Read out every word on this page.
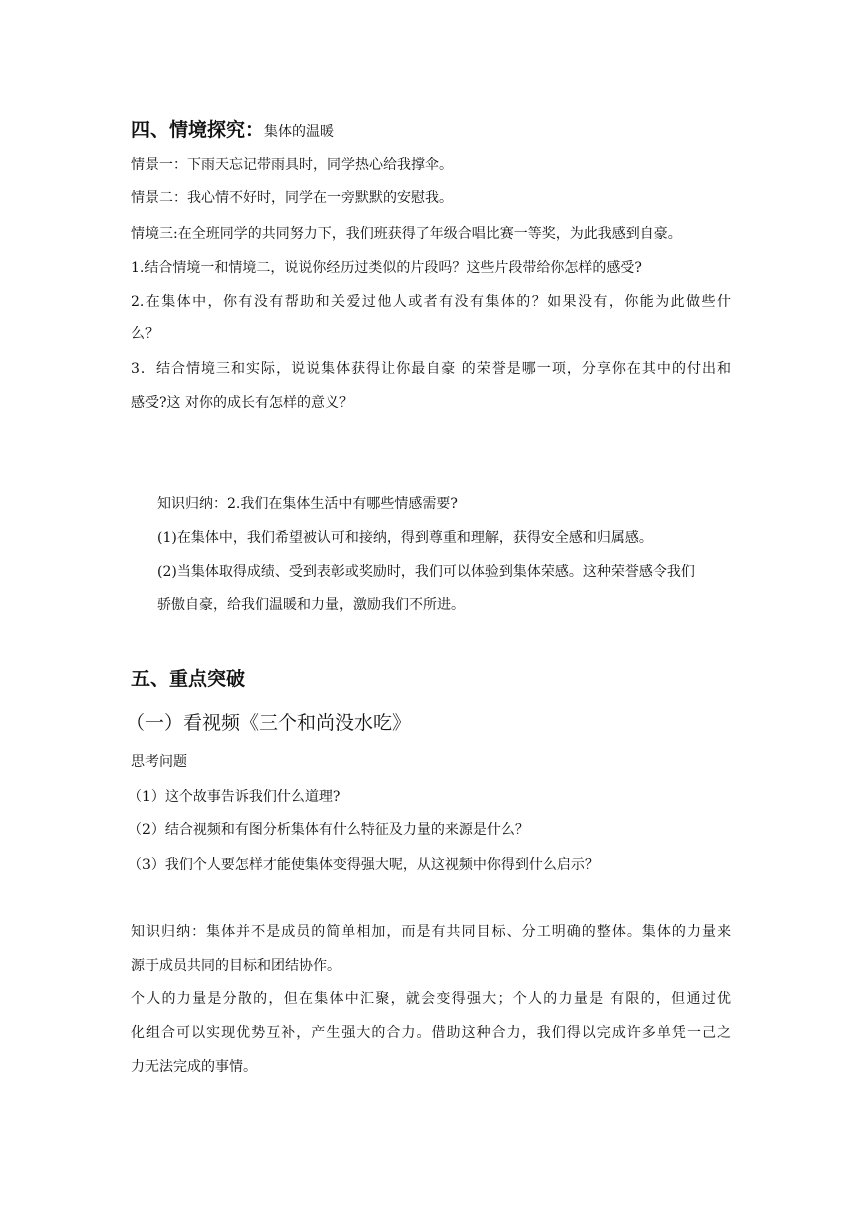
四、情境探究：集体的温暖
情景一：下雨天忘记带雨具时，同学热心给我撑伞。
情景二：我心情不好时，同学在一旁默默的安慰我。
情境三:在全班同学的共同努力下，我们班获得了年级合唱比赛一等奖，为此我感到自豪。
1.结合情境一和情境二，说说你经历过类似的片段吗？这些片段带给你怎样的感受?
2.在集体中，你有没有帮助和关爱过他人或者有没有集体的？如果没有，你能为此做些什
么？
3．结合情境三和实际，说说集体获得让你最自豪 的荣誉是哪一项，分享你在其中的付出和
感受?这 对你的成长有怎样的意义？
知识归纳：2.我们在集体生活中有哪些情感需要?
(1)在集体中，我们希望被认可和接纳，得到尊重和理解，获得安全感和归属感。
(2)当集体取得成绩、受到表彰或奖励时，我们可以体验到集体荣感。这种荣誉感令我们
骄傲自豪，给我们温暖和力量，激励我们不所进。
五、重点突破
（一）看视频《三个和尚没水吃》
思考问题
（1）这个故事告诉我们什么道理?
（2）结合视频和有图分析集体有什么特征及力量的来源是什么？
（3）我们个人要怎样才能使集体变得强大呢，从这视频中你得到什么启示？
知识归纳：集体并不是成员的简单相加，而是有共同目标、分工明确的整体。集体的力量来
源于成员共同的目标和团结协作。
个人的力量是分散的，但在集体中汇聚，就会变得强大；个人的力量是 有限的，但通过优
化组合可以实现优势互补，产生强大的合力。借助这种合力，我们得以完成许多单凭一己之
力无法完成的事情。
